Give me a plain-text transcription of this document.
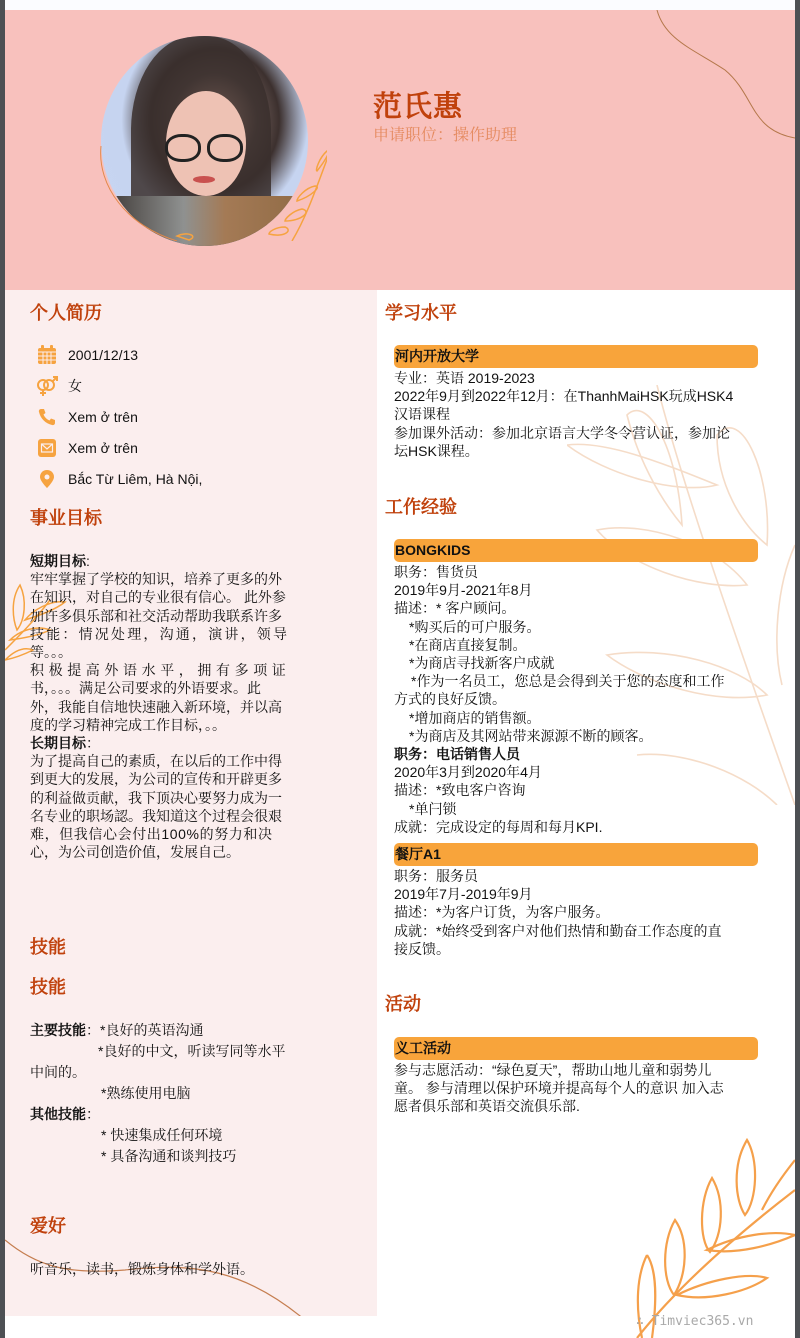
范氏惠
申请职位：操作助理
个人简历
2001/12/13
女
Xem ở trên
Xem ở trên
Bắc Từ Liêm, Hà Nội,
事业目标
短期目标:
牢牢掌握了学校的知识，培养了更多的外
在知识，对自己的专业很有信心。 此外参
加许多俱乐部和社交活动帮助我联系许多
技能：情况处理，沟通，演讲，领导
等。。。
积极提高外语水平，拥有多项证
书，。。。满足公司要求的外语要求。此
外，我能自信地快速融入新环境，并以高
度的学习精神完成工作目标，。。
长期目标：
为了提高自己的素质，在以后的工作中得
到更大的发展，为公司的宣传和开辟更多
的利益做贡献，我下顶决心要努力成为一
名专业的职场認。我知道这个过程会很艰
难，但我信心会付出100%的努力和决
心，为公司创造价值，发展自己。
技能
技能
主要技能：*良好的英语沟通
*良好的中文，听读写同等水平
中间的。
*熟练使用电脑
其他技能：
* 快速集成任何环境
* 具备沟通和谈判技巧
爱好
听音乐，读书，锻炼身体和学外语。
学习水平
河内开放大学
专业：英语 2019-2023
2022年9月到2022年12月：在ThanhMaiHSK玩成HSK4
汉语课程
参加课外活动：参加北京语言大学冬令营认证，参加论
坛HSK课程。
工作经验
BONGKIDS
职务：售货员
2019年9月-2021年8月
描述：* 客户顾问。
*购买后的可户服务。
*在商店直接复制。
*为商店寻找新客户成就
*作为一名员工，您总是会得到关于您的态度和工作
方式的良好反馈。
*增加商店的销售额。
*为商店及其网站带来源源不断的顾客。
职务：电话销售人员
2020年3月到2020年4月
描述：*致电客户咨询
*单闩锁
成就：完成设定的每周和每月KPI.
餐厅A1
职务：服务员
2019年7月-2019年9月
描述：*为客户订货，为客户服务。
成就：*始终受到客户对他们热情和勤奋工作态度的直
接反馈。
活动
义工活动
参与志愿活动：“绿色夏天”，帮助山地儿童和弱势儿
童。 参与清理以保护环境并提高每个人的意识 加入志
愿者俱乐部和英语交流俱乐部.
∴ Timviec365.vn
